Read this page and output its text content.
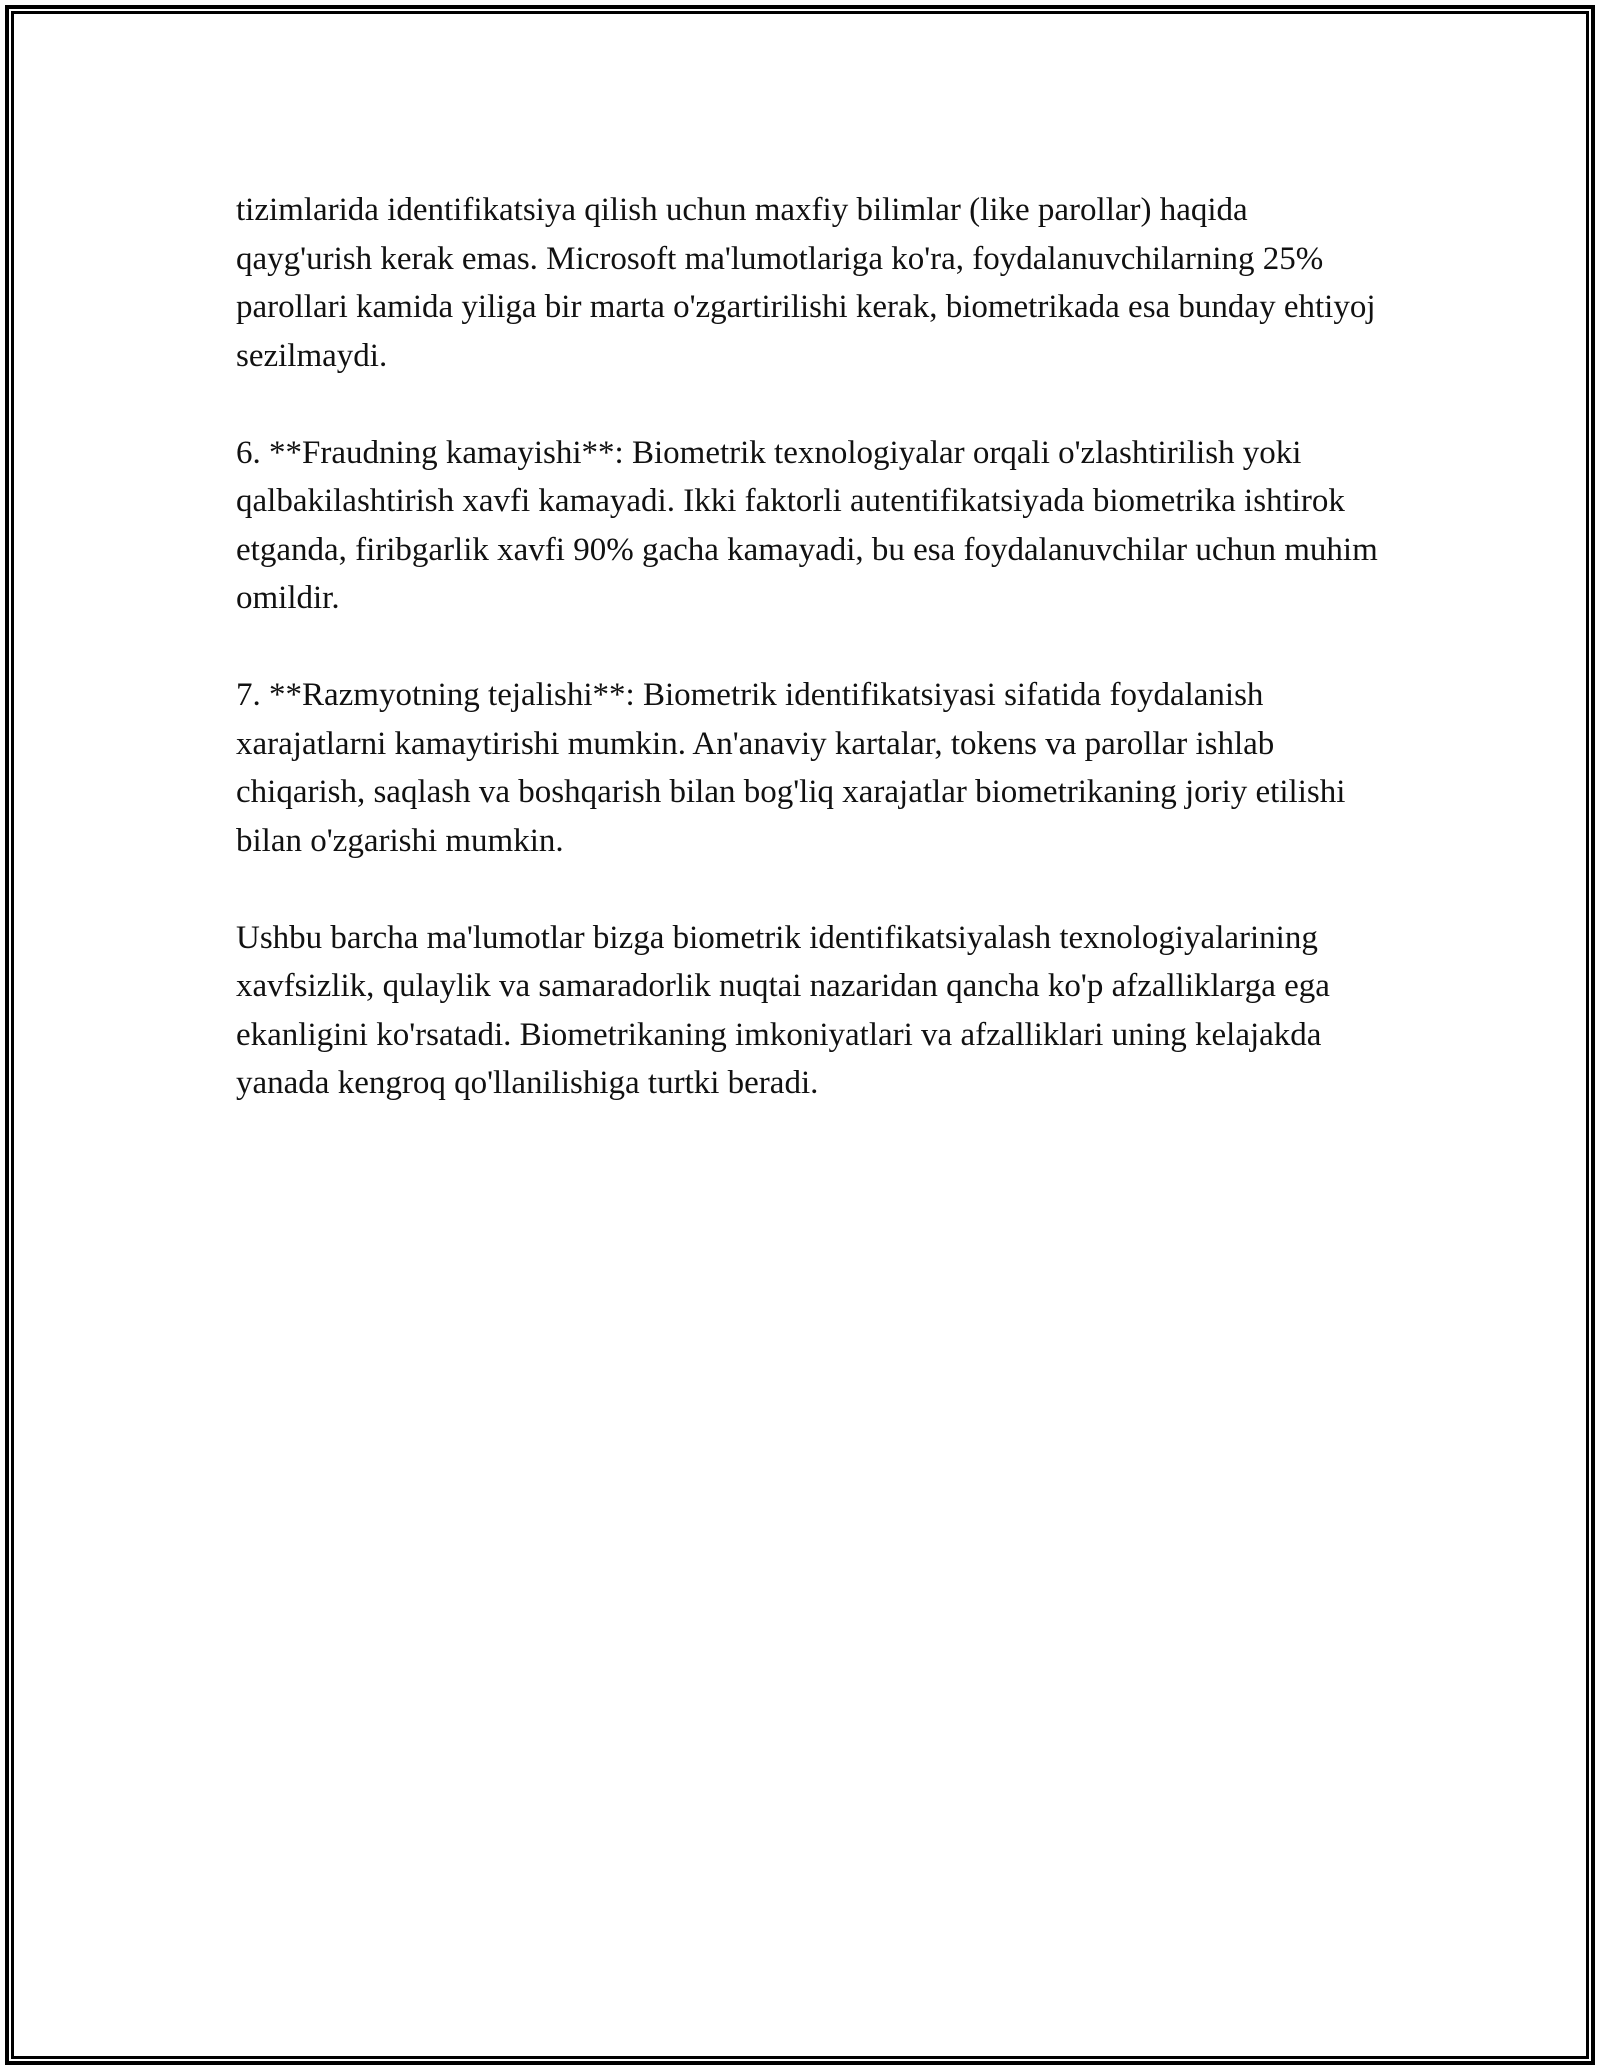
tizimlarida identifikatsiya qilish uchun maxfiy bilimlar (like parollar) haqida qayg'urish kerak emas. Microsoft ma'lumotlariga ko'ra, foydalanuvchilarning 25% parollari kamida yiliga bir marta o'zgartirilishi kerak, biometrikada esa bunday ehtiyoj sezilmaydi.

6. **Fraudning kamayishi**: Biometrik texnologiyalar orqali o'zlashtirilish yoki qalbakilashtirish xavfi kamayadi. Ikki faktorli autentifikatsiyada biometrika ishtirok etganda, firibgarlik xavfi 90% gacha kamayadi, bu esa foydalanuvchilar uchun muhim omildir.

7. **Razmyotning tejalishi**: Biometrik identifikatsiyasi sifatida foydalanish xarajatlarni kamaytirishi mumkin. An'anaviy kartalar, tokens va parollar ishlab chiqarish, saqlash va boshqarish bilan bog'liq xarajatlar biometrikaning joriy etilishi bilan o'zgarishi mumkin.

Ushbu barcha ma'lumotlar bizga biometrik identifikatsiyalash texnologiyalarining xavfsizlik, qulaylik va samaradorlik nuqtai nazaridan qancha ko'p afzalliklarga ega ekanligini ko'rsatadi. Biometrikaning imkoniyatlari va afzalliklari uning kelajakda yanada kengroq qo'llanilishiga turtki beradi.
